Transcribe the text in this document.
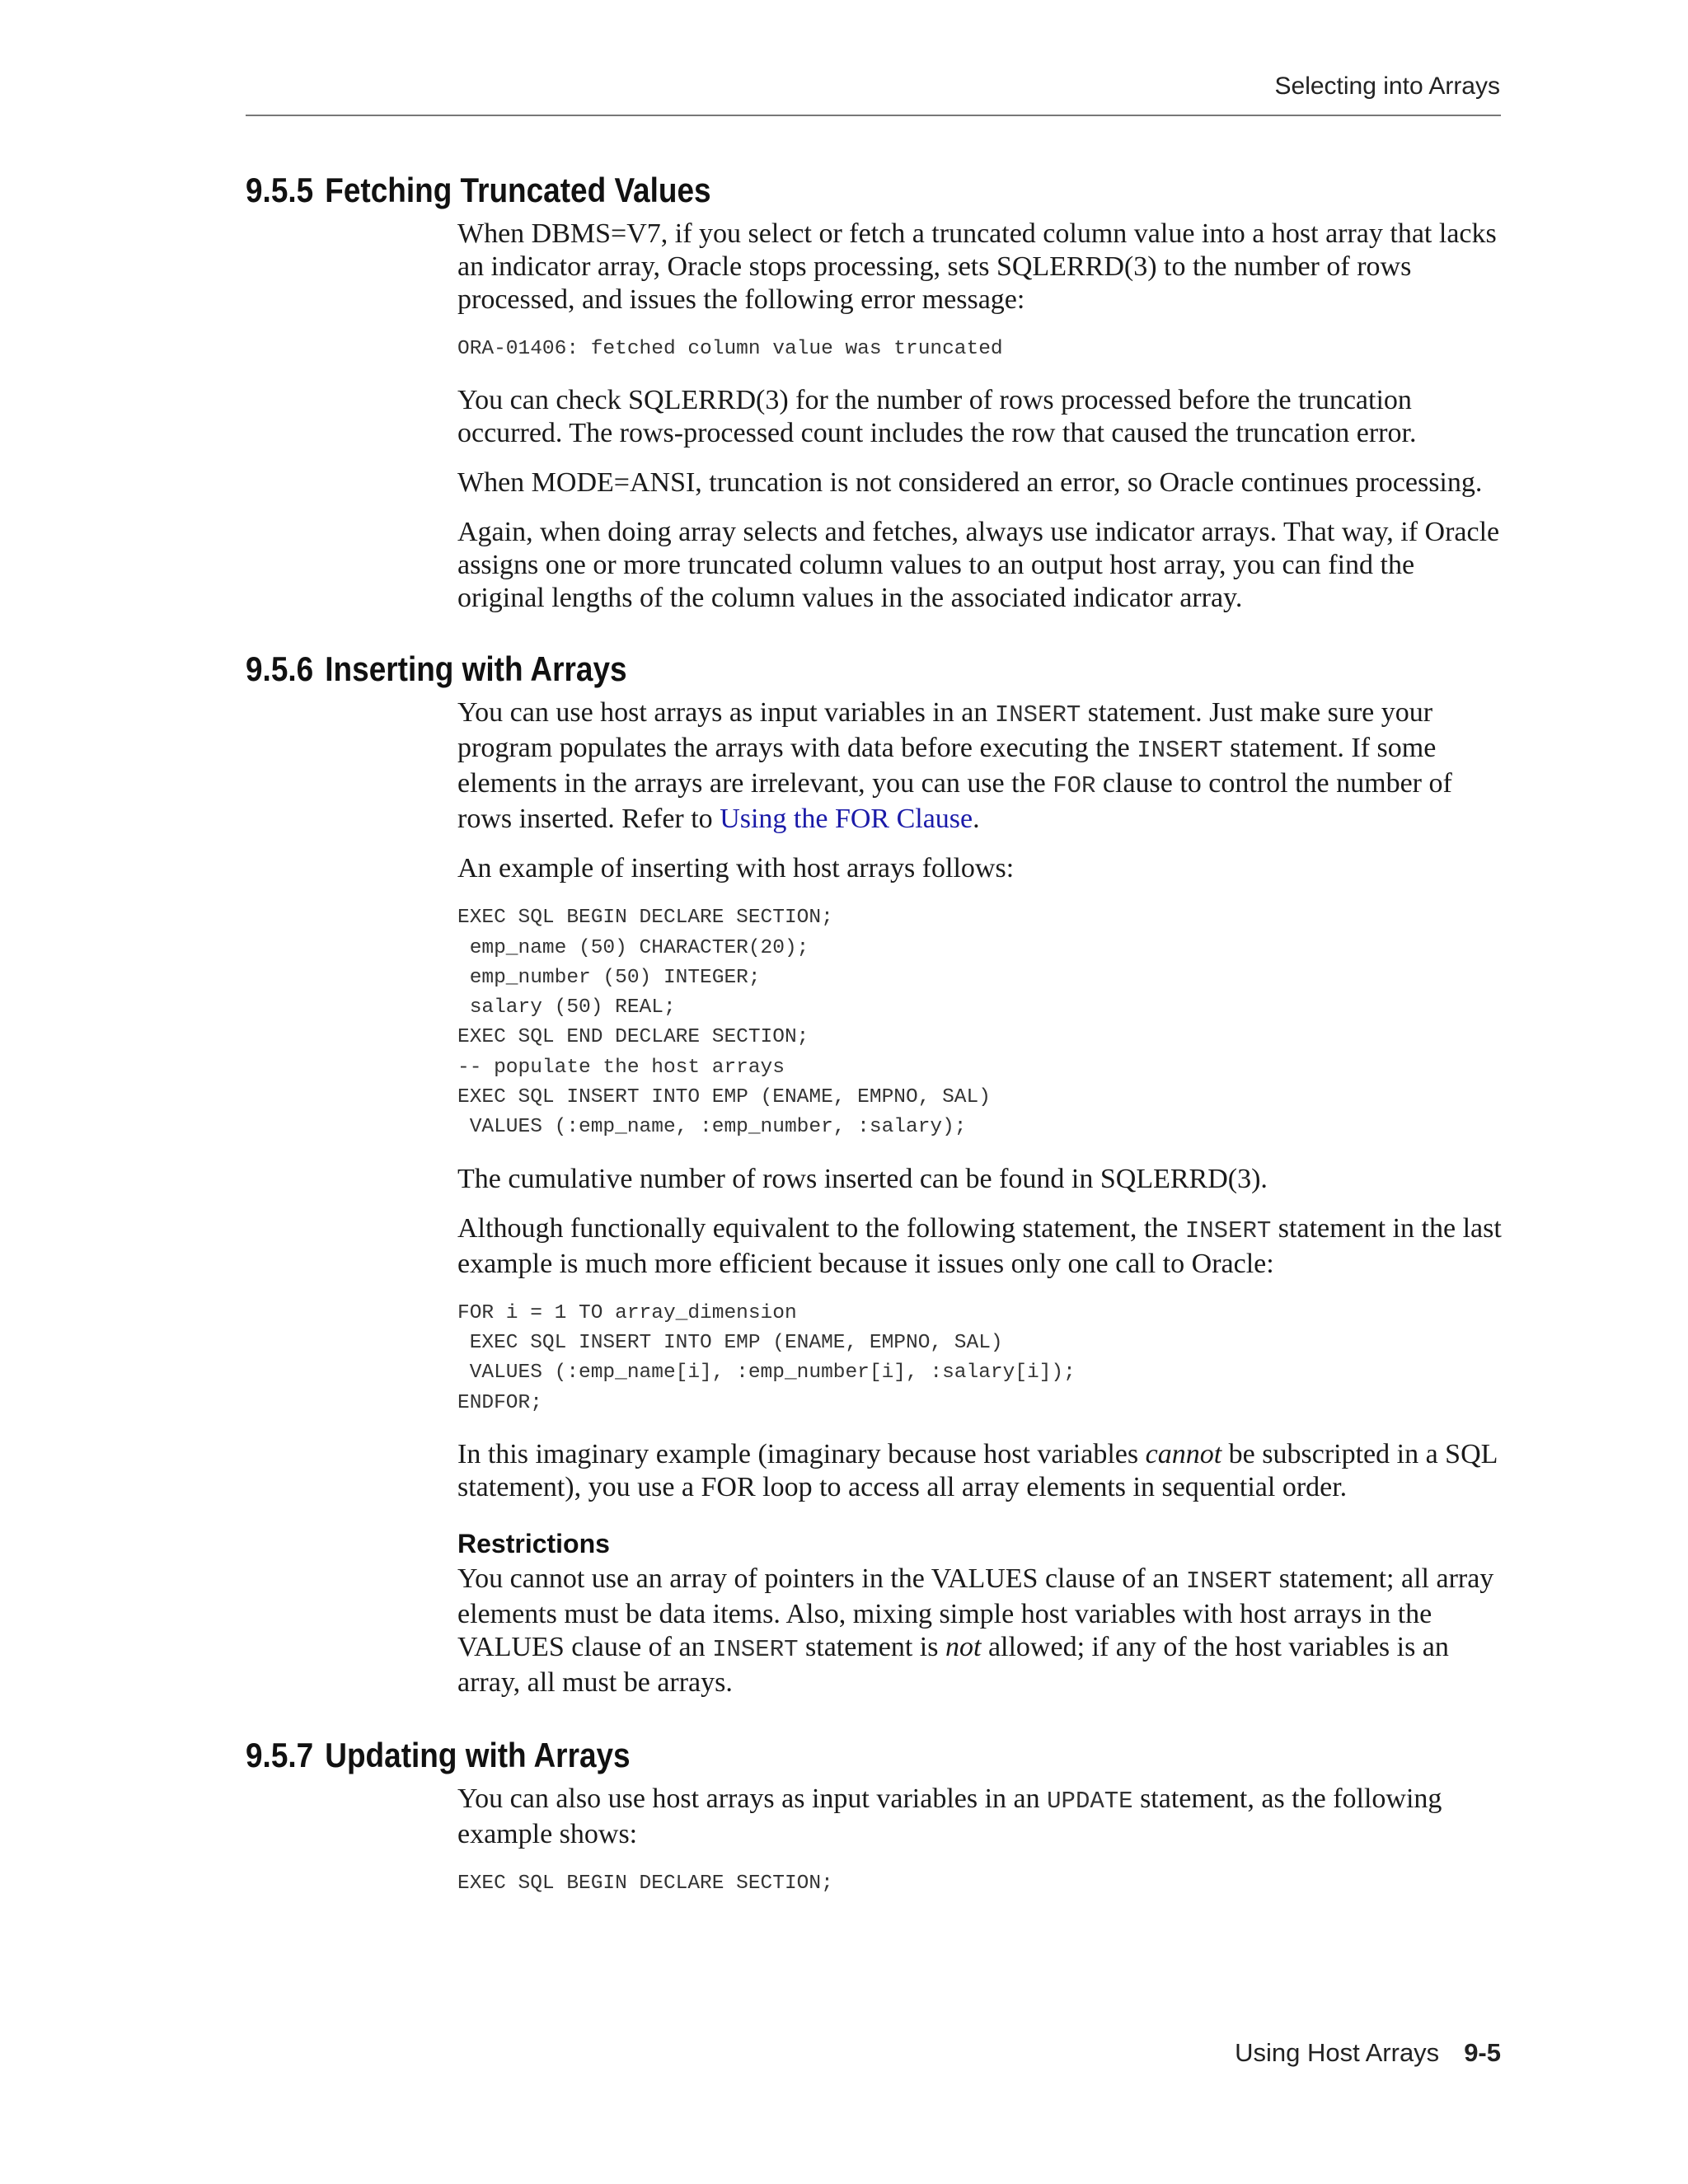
Selecting into Arrays
9.5.5 Fetching Truncated Values

When DBMS=V7, if you select or fetch a truncated column value into a host array that lacks an indicator array, Oracle stops processing, sets SQLERRD(3) to the number of rows processed, and issues the following error message:

ORA-01406: fetched column value was truncated

You can check SQLERRD(3) for the number of rows processed before the truncation occurred. The rows-processed count includes the row that caused the truncation error.

When MODE=ANSI, truncation is not considered an error, so Oracle continues processing.

Again, when doing array selects and fetches, always use indicator arrays. That way, if Oracle assigns one or more truncated column values to an output host array, you can find the original lengths of the column values in the associated indicator array.

9.5.6 Inserting with Arrays

You can use host arrays as input variables in an INSERT statement. Just make sure your program populates the arrays with data before executing the INSERT statement. If some elements in the arrays are irrelevant, you can use the FOR clause to control the number of rows inserted. Refer to Using the FOR Clause.

An example of inserting with host arrays follows:

EXEC SQL BEGIN DECLARE SECTION;
emp_name (50) CHARACTER(20);
emp_number (50) INTEGER;
salary (50) REAL;
EXEC SQL END DECLARE SECTION;
-- populate the host arrays
EXEC SQL INSERT INTO EMP (ENAME, EMPNO, SAL)
VALUES (:emp_name, :emp_number, :salary);

The cumulative number of rows inserted can be found in SQLERRD(3).

Although functionally equivalent to the following statement, the INSERT statement in the last example is much more efficient because it issues only one call to Oracle:

FOR i = 1 TO array_dimension
EXEC SQL INSERT INTO EMP (ENAME, EMPNO, SAL)
VALUES (:emp_name[i], :emp_number[i], :salary[i]);
ENDFOR;

In this imaginary example (imaginary because host variables cannot be subscripted in a SQL statement), you use a FOR loop to access all array elements in sequential order.

Restrictions

You cannot use an array of pointers in the VALUES clause of an INSERT statement; all array elements must be data items. Also, mixing simple host variables with host arrays in the VALUES clause of an INSERT statement is not allowed; if any of the host variables is an array, all must be arrays.

9.5.7 Updating with Arrays

You can also use host arrays as input variables in an UPDATE statement, as the following example shows:

EXEC SQL BEGIN DECLARE SECTION;
Using Host Arrays 9-5
